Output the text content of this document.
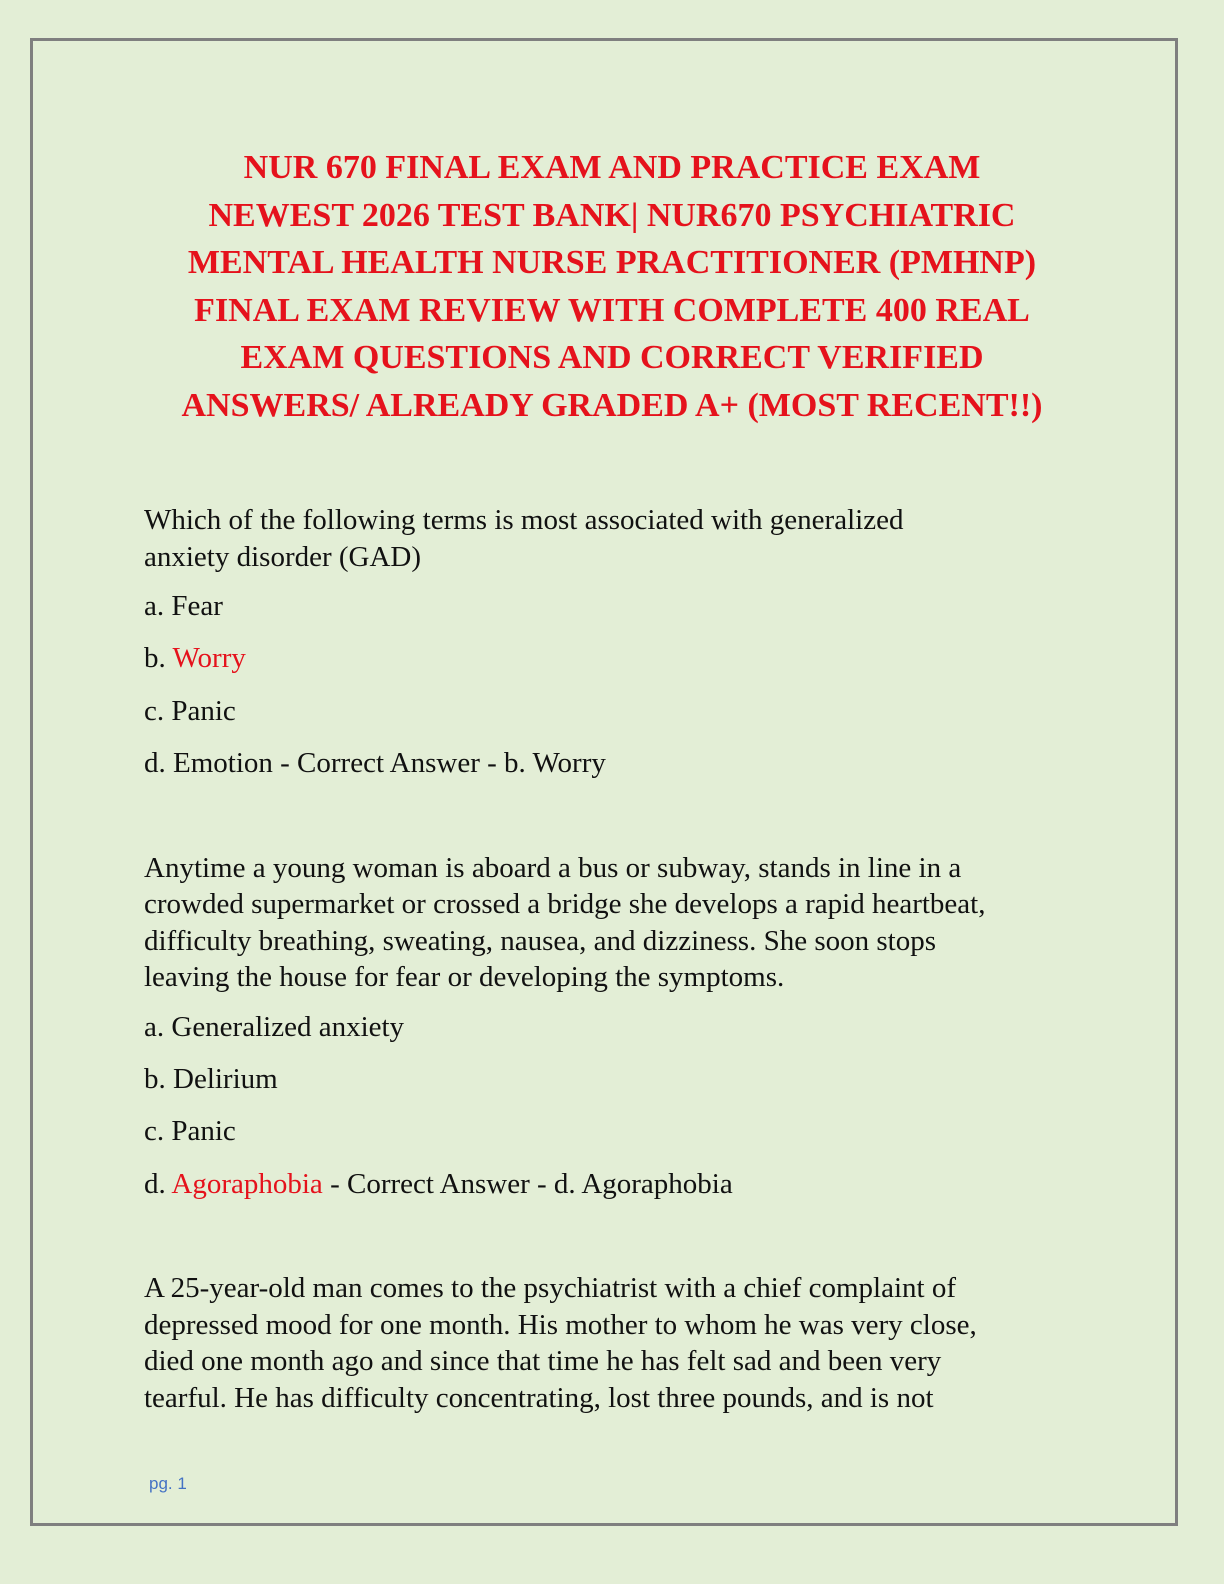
NUR 670 FINAL EXAM AND PRACTICE EXAM
NEWEST 2026 TEST BANK| NUR670 PSYCHIATRIC
MENTAL HEALTH NURSE PRACTITIONER (PMHNP)
FINAL EXAM REVIEW WITH COMPLETE 400 REAL
EXAM QUESTIONS AND CORRECT VERIFIED
ANSWERS/ ALREADY GRADED A+ (MOST RECENT!!)

Which of the following terms is most associated with generalized
anxiety disorder (GAD)

a. Fear

b. Worry

c. Panic

d. Emotion - Correct Answer - b. Worry

Anytime a young woman is aboard a bus or subway, stands in line in a
crowded supermarket or crossed a bridge she develops a rapid heartbeat,
difficulty breathing, sweating, nausea, and dizziness. She soon stops
leaving the house for fear or developing the symptoms.

a. Generalized anxiety

b. Delirium

c. Panic

d. Agoraphobia - Correct Answer - d. Agoraphobia

A 25-year-old man comes to the psychiatrist with a chief complaint of
depressed mood for one month. His mother to whom he was very close,
died one month ago and since that time he has felt sad and been very
tearful. He has difficulty concentrating, lost three pounds, and is not

pg. 1
